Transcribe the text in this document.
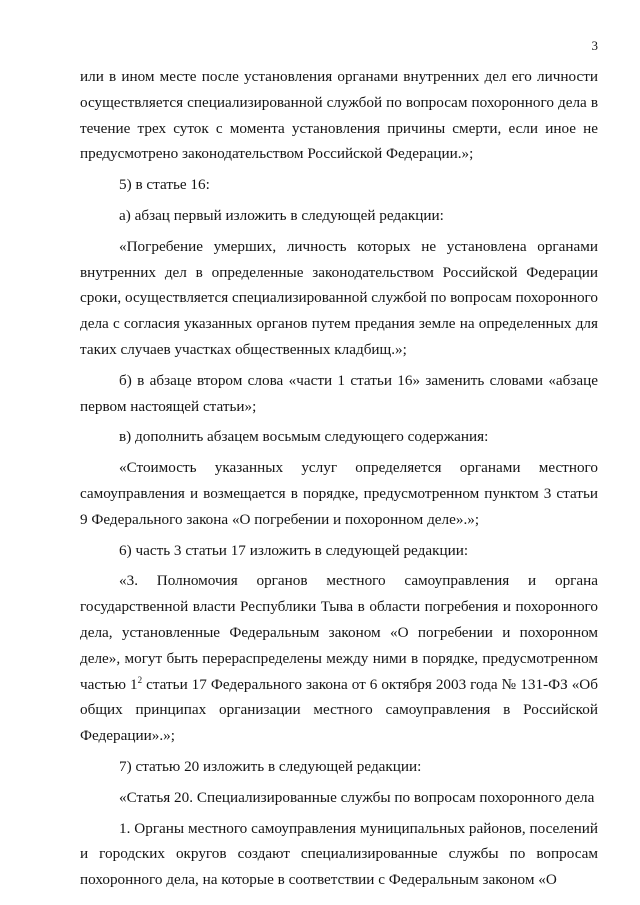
3

или в ином месте после установления органами внутренних дел его личности осуществляется специализированной службой по вопросам похоронного дела в течение трех суток с момента установления причины смерти, если иное не предусмотрено законодательством Российской Федерации.»;

5) в статье 16:

а) абзац первый изложить в следующей редакции:

«Погребение умерших, личность которых не установлена органами внутренних дел в определенные законодательством Российской Федерации сроки, осуществляется специализированной службой по вопросам похоронного дела с согласия указанных органов путем предания земле на определенных для таких случаев участках общественных кладбищ.»;

б) в абзаце втором слова «части 1 статьи 16» заменить словами «абзаце первом настоящей статьи»;

в) дополнить абзацем восьмым следующего содержания:

«Стоимость указанных услуг определяется органами местного самоуправления и возмещается в порядке, предусмотренном пунктом 3 статьи 9 Федерального закона «О погребении и похоронном деле».»;

6) часть 3 статьи 17 изложить в следующей редакции:

«3. Полномочия органов местного самоуправления и органа государственной власти Республики Тыва в области погребения и похоронного дела, установленные Федеральным законом «О погребении и похоронном деле», могут быть перераспределены между ними в порядке, предусмотренном частью $1^2$ статьи 17 Федерального закона от 6 октября 2003 года № 131-ФЗ «Об общих принципах организации местного самоуправления в Российской Федерации».»;

7) статью 20 изложить в следующей редакции:

«Статья 20. Специализированные службы по вопросам похоронного дела

1. Органы местного самоуправления муниципальных районов, поселений и городских округов создают специализированные службы по вопросам похоронного дела, на которые в соответствии с Федеральным законом «О
